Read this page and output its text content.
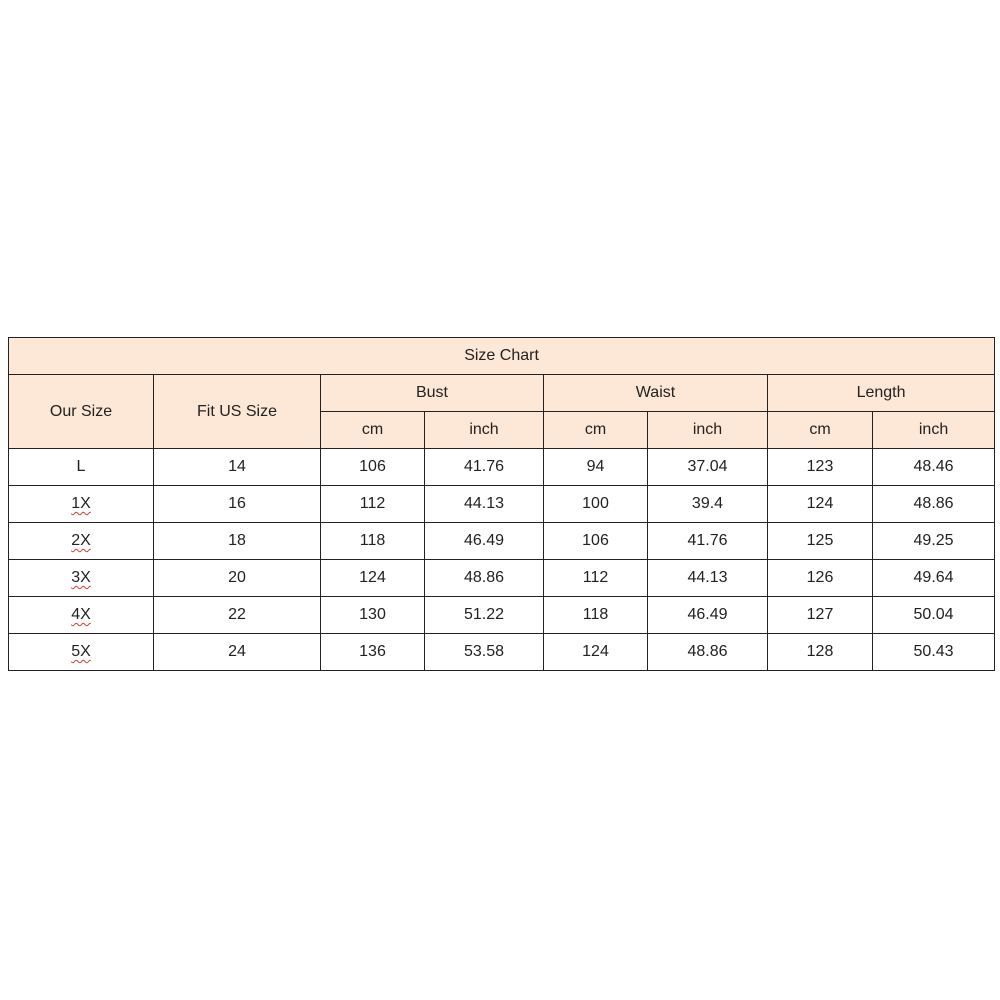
Size Chart							
Our Size	Fit US Size	Bust		Waist		Length	
		cm	inch	cm	inch	cm	inch
L	14	106	41.76	94	37.04	123	48.46
1X	16	112	44.13	100	39.4	124	48.86
2X	18	118	46.49	106	41.76	125	49.25
3X	20	124	48.86	112	44.13	126	49.64
4X	22	130	51.22	118	46.49	127	50.04
5X	24	136	53.58	124	48.86	128	50.43
